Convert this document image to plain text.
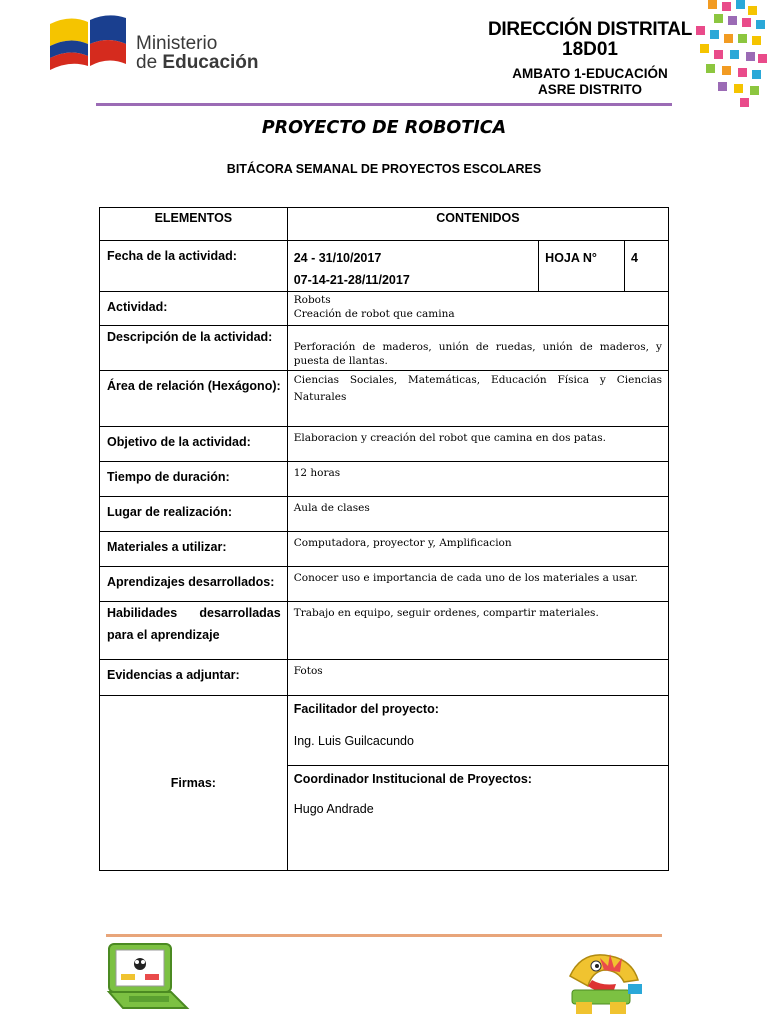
Ministerio
de Educación
DIRECCIÓN DISTRITAL
18D01
AMBATO 1-EDUCACIÓN
ASRE DISTRITO
PROYECTO DE ROBOTICA
BITÁCORA SEMANAL DE PROYECTOS ESCOLARES
ELEMENTOS	CONTENIDOS		
Fecha de la actividad:	24 - 31/10/2017
07-14-21-28/11/2017	HOJA N°	4
Actividad:	Robots
Creación de robot que camina		

Descripción de la actividad:	Perforación de maderos, unión de ruedas, unión de maderos, y puesta de llantas.		
Área de relación (Hexágono):	Ciencias Sociales, Matemáticas, Educación Física y Ciencias Naturales		
Objetivo de la actividad:	Elaboracion y creación del robot que camina en dos patas.		
Tiempo de duración:	12 horas		
Lugar de realización:	Aula de clases		
Materiales a utilizar:	Computadora, proyector y, Amplificacion		
Aprendizajes desarrollados:	Conocer uso e importancia de cada uno de los materiales a usar.		
Habilidades desarrolladas para el aprendizaje	Trabajo en equipo, seguir ordenes, compartir materiales.		
Evidencias a adjuntar:	Fotos		
Firmas:	Facilitador del proyecto:
Ing. Luis Guilcacundo		

	Coordinador Institucional de Proyectos:
Hugo Andrade		
